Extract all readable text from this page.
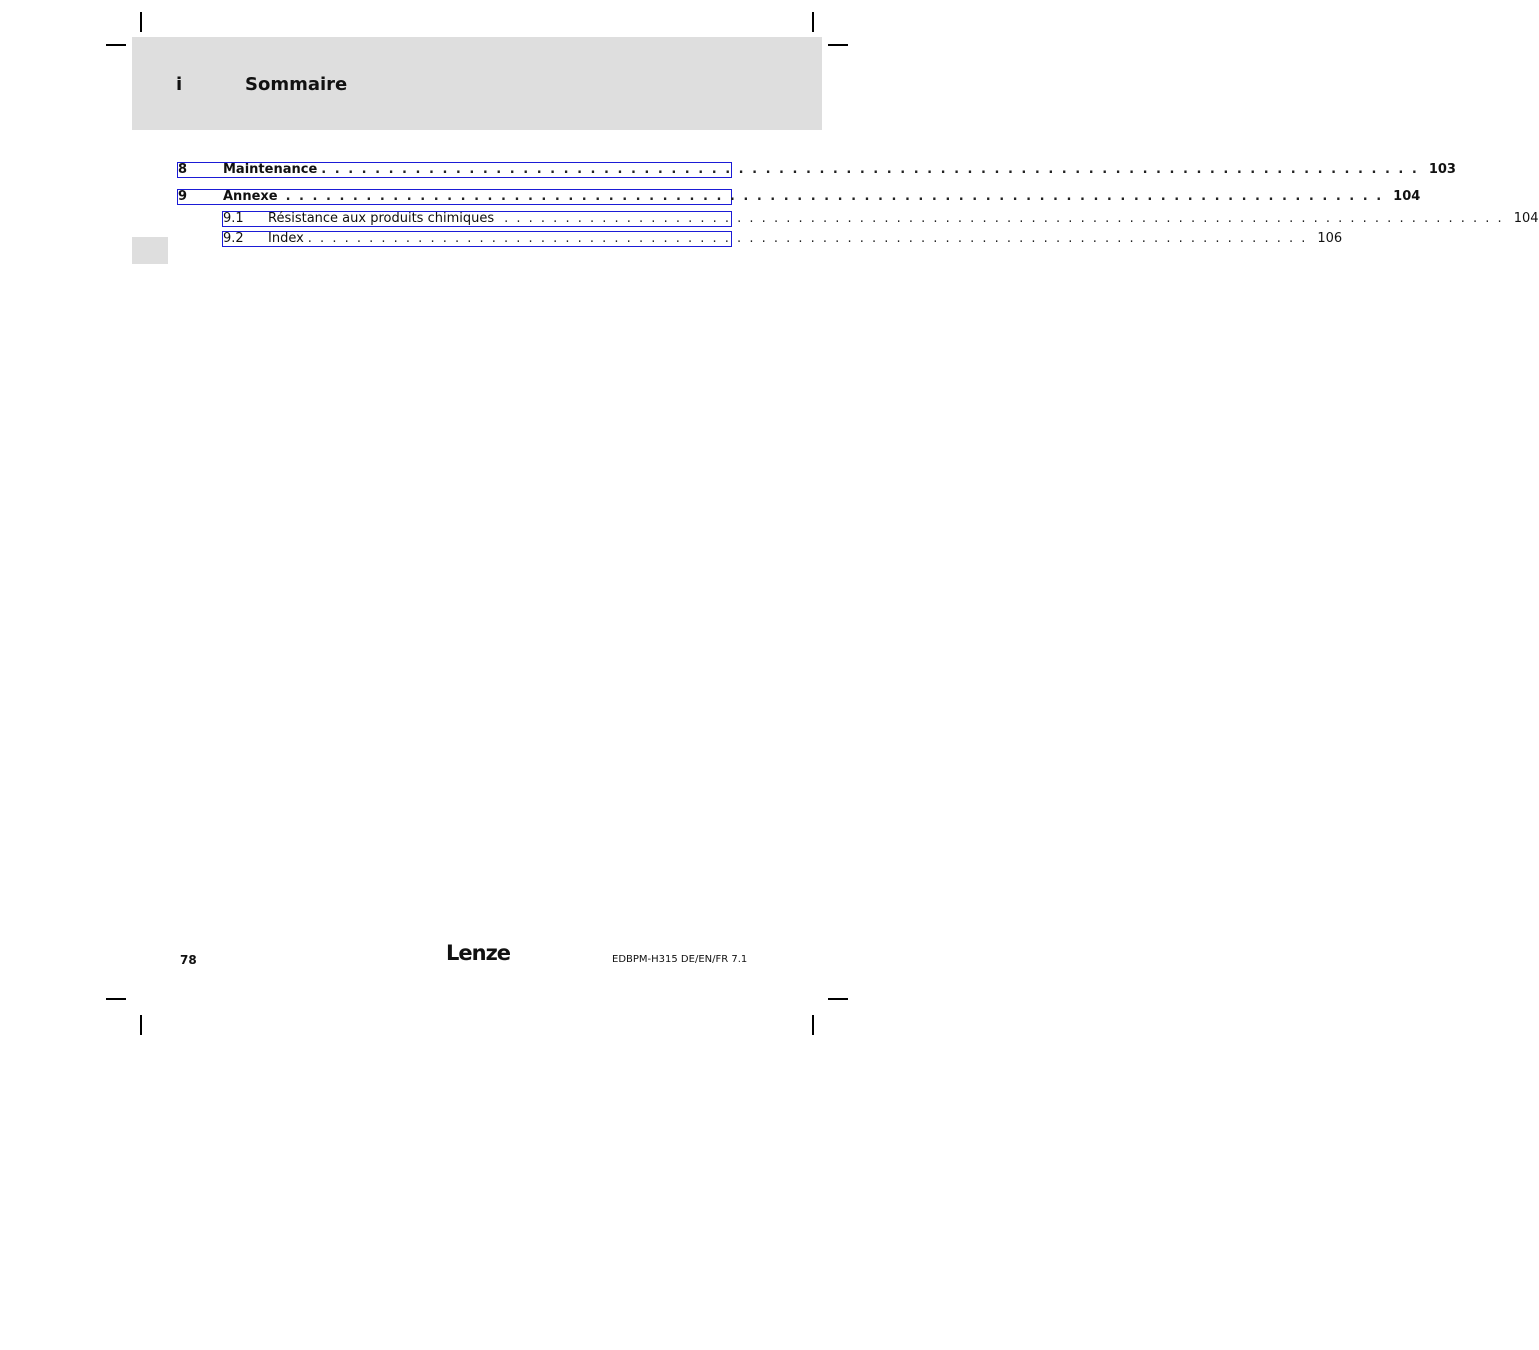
i	Sommaire
8	Maintenance . . . . . . . . . . . . . . . . . . . . . . . . . . . . . . . . . . . . . . . . . . . . . . . . . . . . . . . . . . . . . . . . . . . . . . . . . . . . . . . . . . 103
9	Annexe . . . . . . . . . . . . . . . . . . . . . . . . . . . . . . . . . . . . . . . . . . . . . . . . . . . . . . . . . . . . . . . . . . . . . . . . . . . . . . . . . . 104
9.1	Résistance aux produits chimiques . . . . . . . . . . . . . . . . . . . . . . . . . . . . . . . . . . . . . . . . . . . . . . . . . . . . . . . . . . . . . . . . . . . . . . . . . . . . . . . . . . 104
9.2	Index . . . . . . . . . . . . . . . . . . . . . . . . . . . . . . . . . . . . . . . . . . . . . . . . . . . . . . . . . . . . . . . . . . . . . . . . . . . . . . . . . . 106
78	Lenze	EDBPM-H315 DE/EN/FR 7.1
